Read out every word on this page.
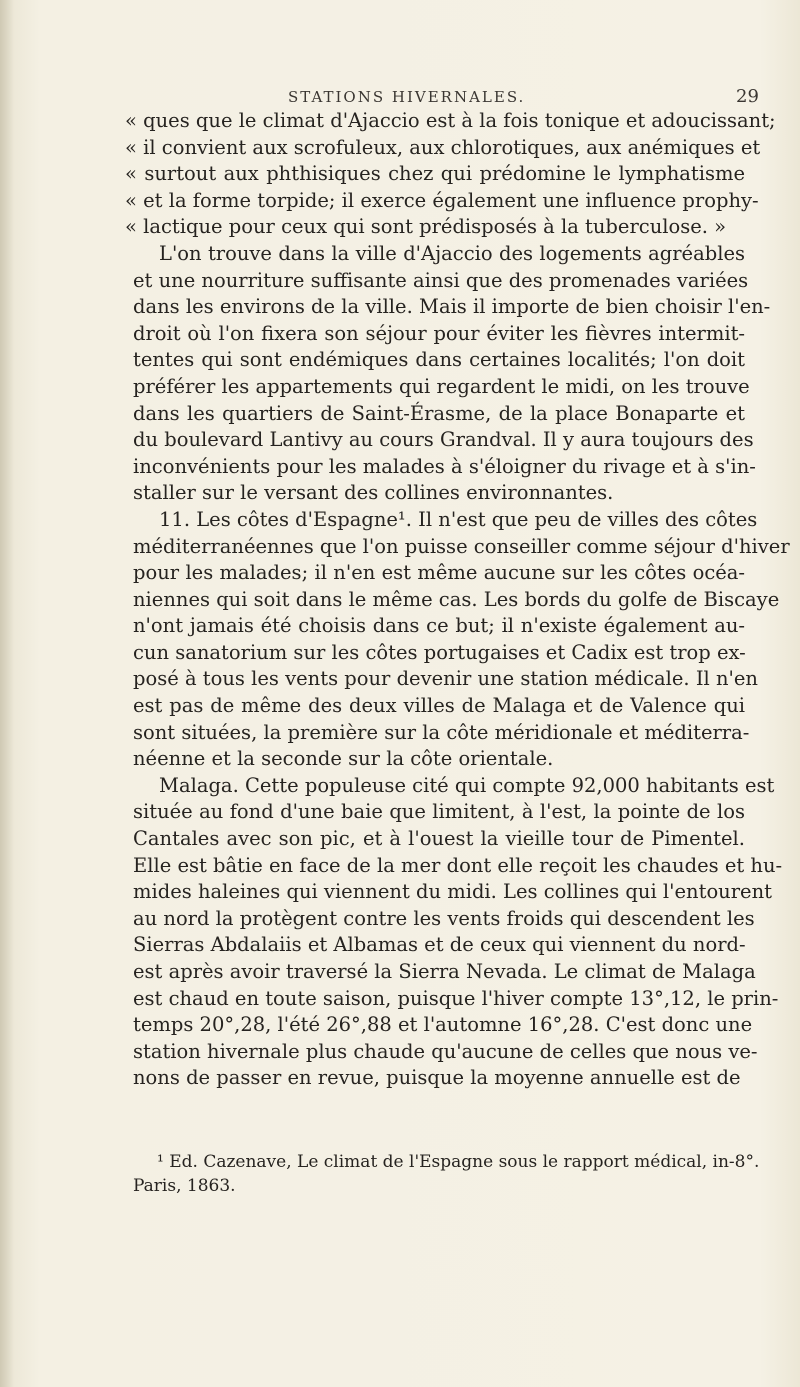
STATIONS HIVERNALES.	29
« ques que le climat d'Ajaccio est à la fois tonique et adoucissant;
« il convient aux scrofuleux, aux chlorotiques, aux anémiques et
« surtout aux phthisiques chez qui prédomine le lymphatisme
« et la forme torpide; il exerce également une influence prophy-
« lactique pour ceux qui sont prédisposés à la tuberculose. »
L'on trouve dans la ville d'Ajaccio des logements agréables
et une nourriture suffisante ainsi que des promenades variées
dans les environs de la ville. Mais il importe de bien choisir l'en-
droit où l'on fixera son séjour pour éviter les fièvres intermit-
tentes qui sont endémiques dans certaines localités; l'on doit
préférer les appartements qui regardent le midi, on les trouve
dans les quartiers de Saint-Érasme, de la place Bonaparte et
du boulevard Lantivy au cours Grandval. Il y aura toujours des
inconvénients pour les malades à s'éloigner du rivage et à s'in-
staller sur le versant des collines environnantes.
11. Les côtes d'Espagne¹. Il n'est que peu de villes des côtes
méditerranéennes que l'on puisse conseiller comme séjour d'hiver
pour les malades; il n'en est même aucune sur les côtes océa-
niennes qui soit dans le même cas. Les bords du golfe de Biscaye
n'ont jamais été choisis dans ce but; il n'existe également au-
cun sanatorium sur les côtes portugaises et Cadix est trop ex-
posé à tous les vents pour devenir une station médicale. Il n'en
est pas de même des deux villes de Malaga et de Valence qui
sont situées, la première sur la côte méridionale et méditerra-
néenne et la seconde sur la côte orientale.
Malaga. Cette populeuse cité qui compte 92,000 habitants est
située au fond d'une baie que limitent, à l'est, la pointe de los
Cantales avec son pic, et à l'ouest la vieille tour de Pimentel.
Elle est bâtie en face de la mer dont elle reçoit les chaudes et hu-
mides haleines qui viennent du midi. Les collines qui l'entourent
au nord la protègent contre les vents froids qui descendent les
Sierras Abdalaiis et Albamas et de ceux qui viennent du nord-
est après avoir traversé la Sierra Nevada. Le climat de Malaga
est chaud en toute saison, puisque l'hiver compte 13°,12, le prin-
temps 20°,28, l'été 26°,88 et l'automne 16°,28. C'est donc une
station hivernale plus chaude qu'aucune de celles que nous ve-
nons de passer en revue, puisque la moyenne annuelle est de
¹ Ed. Cazenave, Le climat de l'Espagne sous le rapport médical, in-8°.
Paris, 1863.
